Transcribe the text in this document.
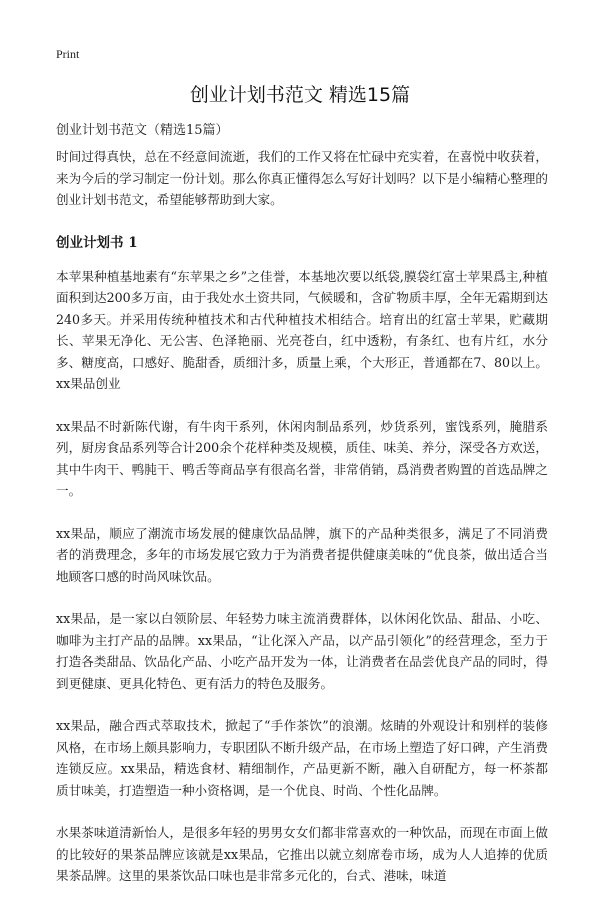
Print
创业计划书范文 精选15篇
创业计划书范文（精选15篇）

时间过得真快，总在不经意间流逝，我们的工作又将在忙碌中充实着，在喜悦中收获着，来为今后的学习制定一份计划。那么你真正懂得怎么写好计划吗？以下是小编精心整理的创业计划书范文，希望能够帮助到大家。

创业计划书 1

本苹果种植基地素有“东苹果之乡”之佳誉，本基地次要以纸袋,膜袋红富士苹果爲主,种植面积到达200多万亩，由于我处水土资共同，气候暖和，含矿物质丰厚，全年无霜期到达240多天。并采用传统种植技术和古代种植技术相结合。培育出的红富士苹果，贮藏期长、苹果无净化、无公害、色泽艳丽、光亮苍白，红中透粉，有条红、也有片红，水分多、糖度高，口感好、脆甜香，质细汁多，质量上乘，个大形正，普通都在7、80以上。xx果品创业

xx果品不时新陈代谢，有牛肉干系列，休闲肉制品系列，炒货系列，蜜饯系列，腌腊系列，厨房食品系列等合计200余个花样种类及规模，质佳、味美、养分，深受各方欢送，其中牛肉干、鸭肫干、鸭舌等商品享有很高名誉，非常俏销，爲消费者购置的首选品牌之一。

xx果品，顺应了潮流市场发展的健康饮品品牌，旗下的产品种类很多，满足了不同消费者的消费理念，多年的市场发展它致力于为消费者提供健康美味的“优良茶，做出适合当地顾客口感的时尚风味饮品。

xx果品，是一家以白领阶层、年轻势力味主流消费群体，以休闲化饮品、甜品、小吃、咖啡为主打产品的品牌。xx果品，“让化深入产品，以产品引领化”的经营理念，至力于打造各类甜品、饮品化产品、小吃产品开发为一体，让消费者在品尝优良产品的同时，得到更健康、更具化特色、更有活力的特色及服务。

xx果品，融合西式萃取技术，掀起了“手作茶饮”的浪潮。炫睛的外观设计和别样的装修风格，在市场上颇具影响力，专职团队不断升级产品，在市场上塑造了好口碑，产生消费连锁反应。xx果品，精选食材、精细制作，产品更新不断，融入自研配方，每一杯茶都质甘味美，打造塑造一种小资格调，是一个优良、时尚、个性化品牌。

水果茶味道清新怡人，是很多年轻的男男女女们都非常喜欢的一种饮品，而现在市面上做的比较好的果茶品牌应该就是xx果品，它推出以就立刻席卷市场，成为人人追捧的优质果茶品牌。这里的果茶饮品口味也是非常多元化的，台式、港味，味道
